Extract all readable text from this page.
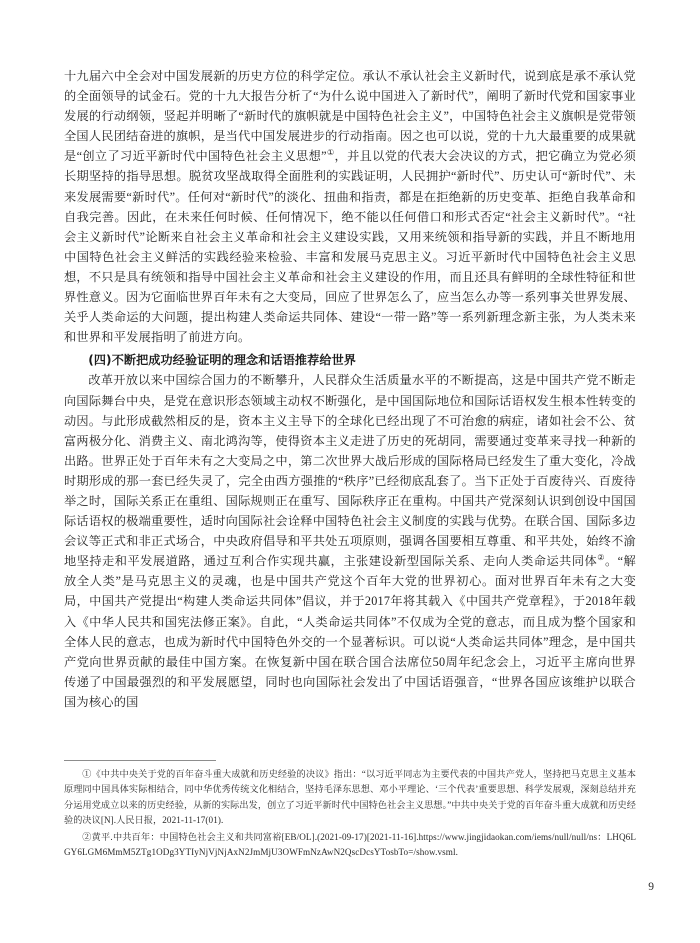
十九届六中全会对中国发展新的历史方位的科学定位。承认不承认社会主义新时代，说到底是承不承认党的全面领导的试金石。党的十九大报告分析了“为什么说中国进入了新时代”，阐明了新时代党和国家事业发展的行动纲领，竖起并明晰了“新时代的旗帜就是中国特色社会主义”，中国特色社会主义旗帜是党带领全国人民团结奋进的旗帜，是当代中国发展进步的行动指南。因之也可以说，党的十九大最重要的成果就是“创立了习近平新时代中国特色社会主义思想”①，并且以党的代表大会决议的方式，把它确立为党必须长期坚持的指导思想。脱贫攻坚战取得全面胜利的实践证明，人民拥护“新时代”、历史认可“新时代”、未来发展需要“新时代”。任何对“新时代”的淡化、扭曲和指责，都是在拒绝新的历史变革、拒绝自我革命和自我完善。因此，在未来任何时候、任何情况下，绝不能以任何借口和形式否定“社会主义新时代”。“社会主义新时代”论断来自社会主义革命和社会主义建设实践，又用来统领和指导新的实践，并且不断地用中国特色社会主义鲜活的实践经验来检验、丰富和发展马克思主义。习近平新时代中国特色社会主义思想，不只是具有统领和指导中国社会主义革命和社会主义建设的作用，而且还具有鲜明的全球性特征和世界性意义。因为它面临世界百年未有之大变局，回应了世界怎么了，应当怎么办等一系列事关世界发展、关乎人类命运的大问题，提出构建人类命运共同体、建设“一带一路”等一系列新理念新主张，为人类未来和世界和平发展指明了前进方向。

(四)不断把成功经验证明的理念和话语推荐给世界

改革开放以来中国综合国力的不断攀升，人民群众生活质量水平的不断提高，这是中国共产党不断走向国际舞台中央，是党在意识形态领域主动权不断强化，是中国国际地位和国际话语权发生根本性转变的动因。与此形成截然相反的是，资本主义主导下的全球化已经出现了不可治愈的病症，诸如社会不公、贫富两极分化、消费主义、南北鸿沟等，使得资本主义走进了历史的死胡同，需要通过变革来寻找一种新的出路。世界正处于百年未有之大变局之中，第二次世界大战后形成的国际格局已经发生了重大变化，冷战时期形成的那一套已经失灵了，完全由西方强推的“秩序”已经彻底乱套了。当下正处于百废待兴、百废待举之时，国际关系正在重组、国际规则正在重写、国际秩序正在重构。中国共产党深刻认识到创设中国国际话语权的极端重要性，适时向国际社会诠释中国特色社会主义制度的实践与优势。在联合国、国际多边会议等正式和非正式场合，中央政府倡导和平共处五项原则，强调各国要相互尊重、和平共处，始终不渝地坚持走和平发展道路，通过互利合作实现共赢，主张建设新型国际关系、走向人类命运共同体②。“解放全人类”是马克思主义的灵魂，也是中国共产党这个百年大党的世界初心。面对世界百年未有之大变局，中国共产党提出“构建人类命运共同体”倡议，并于2017年将其载入《中国共产党章程》，于2018年载入《中华人民共和国宪法修正案》。自此，“人类命运共同体”不仅成为全党的意志，而且成为整个国家和全体人民的意志，也成为新时代中国特色外交的一个显著标识。可以说“人类命运共同体”理念，是中国共产党向世界贡献的最佳中国方案。在恢复新中国在联合国合法席位50周年纪念会上，习近平主席向世界传递了中国最强烈的和平发展愿望，同时也向国际社会发出了中国话语强音，“世界各国应该维护以联合国为核心的国

①《中共中央关于党的百年奋斗重大成就和历史经验的决议》指出：“以习近平同志为主要代表的中国共产党人，坚持把马克思主义基本原理同中国具体实际相结合，同中华优秀传统文化相结合，坚持毛泽东思想、邓小平理论、‘三个代表’重要思想、科学发展观，深刻总结并充分运用党成立以来的历史经验，从新的实际出发，创立了习近平新时代中国特色社会主义思想。”中共中央关于党的百年奋斗重大成就和历史经验的决议[N].人民日报，2021-11-17(01).

②黄平.中共百年：中国特色社会主义和共同富裕[EB/OL].(2021-09-17)[2021-11-16].https://www.jingjidaokan.com/iems/null/null/ns：LHQ6LGY6LGM6MmM5ZTg1ODg3YTIyNjVjNjAxN2JmMjU3OWFmNzAwN2QscDcsYTosbTo=/show.vsml.

9
